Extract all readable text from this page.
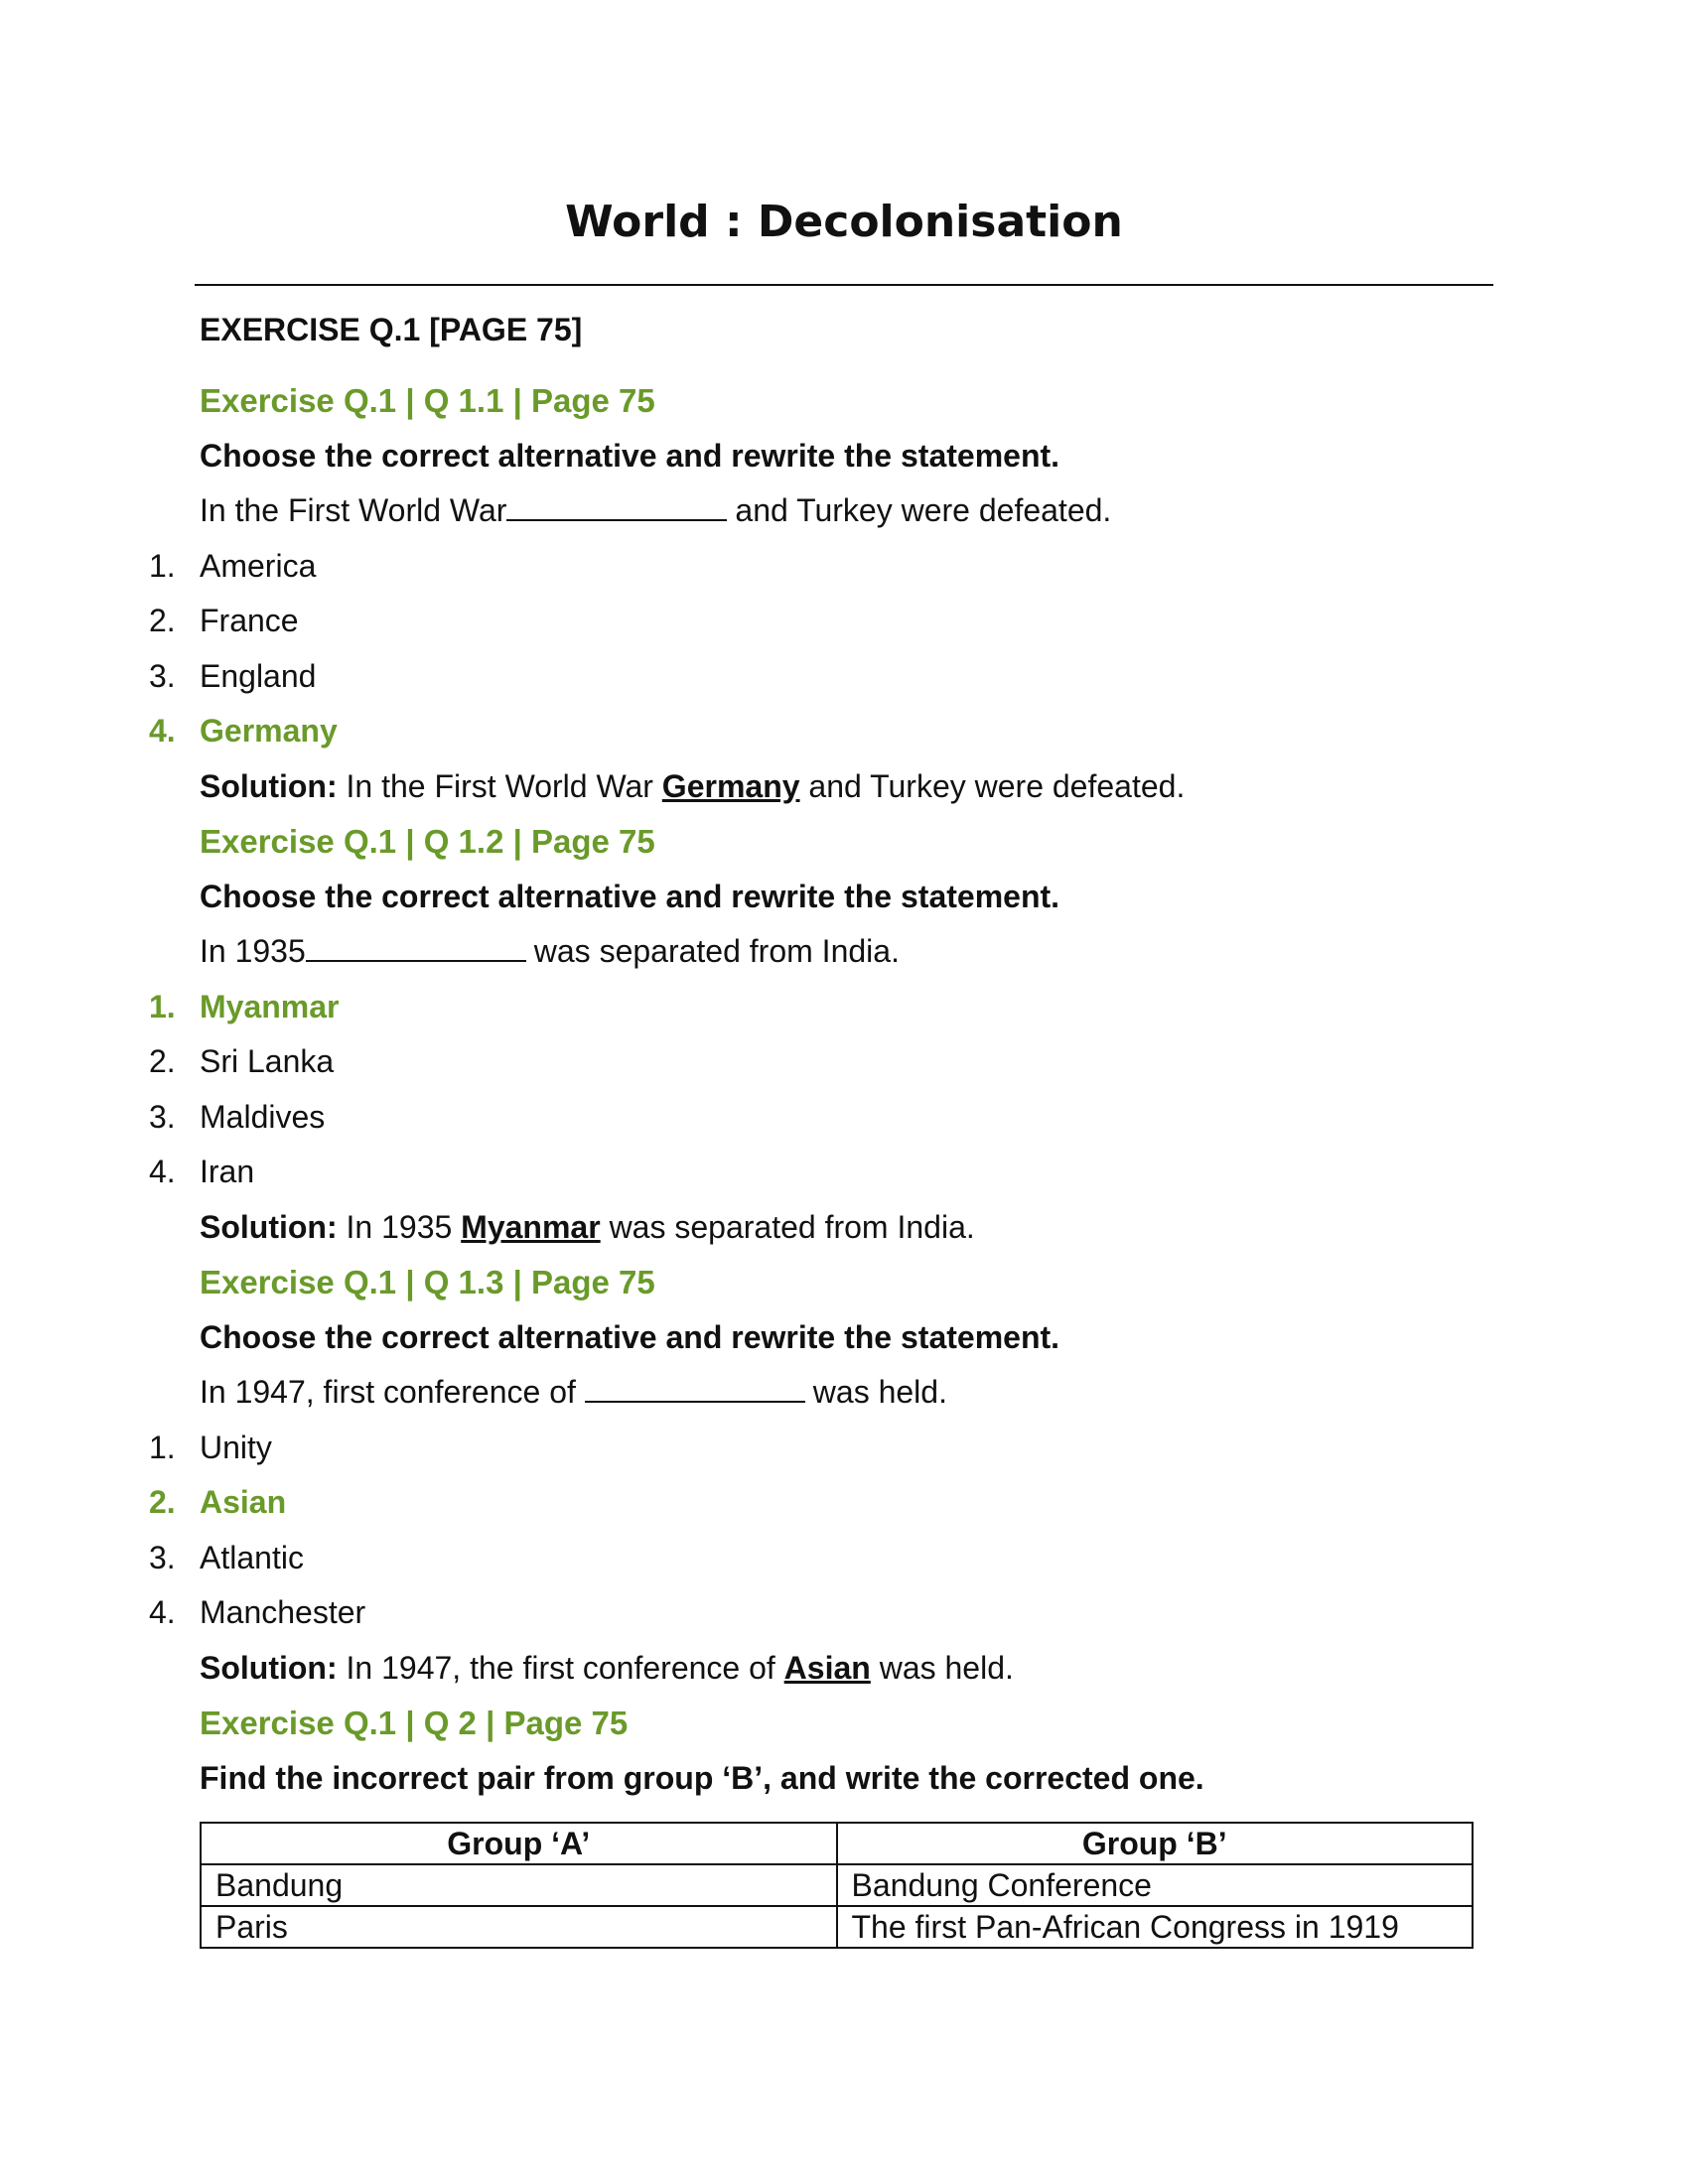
World : Decolonisation
EXERCISE Q.1 [PAGE 75]
Exercise Q.1 | Q 1.1 | Page 75
Choose the correct alternative and rewrite the statement.
In the First World War	and Turkey were defeated.
1. America
2. France
3. England
4. Germany
Solution: In the First World War Germany and Turkey were defeated.
Exercise Q.1 | Q 1.2 | Page 75
Choose the correct alternative and rewrite the statement.
In 1935	was separated from India.
1. Myanmar
2. Sri Lanka
3. Maldives
4. Iran
Solution: In 1935 Myanmar was separated from India.
Exercise Q.1 | Q 1.3 | Page 75
Choose the correct alternative and rewrite the statement.
In 1947, first conference of	was held.
1. Unity
2. Asian
3. Atlantic
4. Manchester
Solution: In 1947, the first conference of Asian was held.
Exercise Q.1 | Q 2 | Page 75
Find the incorrect pair from group ‘B’, and write the corrected one.
Group ‘A’	Group ‘B’
Bandung	Bandung Conference
Paris	The first Pan-African Congress in 1919
